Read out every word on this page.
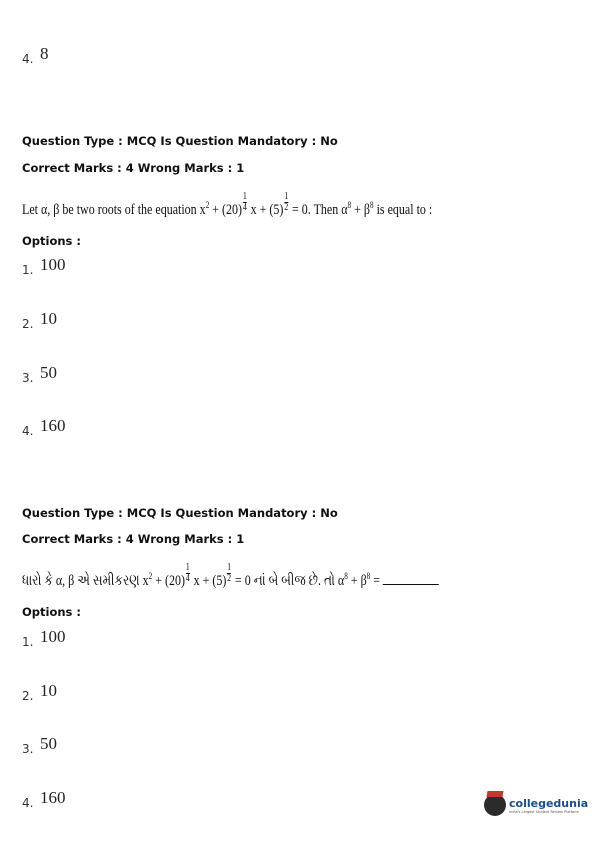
4. 8
Question Type : MCQ Is Question Mandatory : No
Correct Marks : 4 Wrong Marks : 1
Let α, β be two roots of the equation $x^2 + (20) \frac{1}{4}$ $x + (5) \frac{1}{2} = 0$. Then $\alpha^8 + \beta^8$ is equal to :
Options :
1. 100
2. 10
3. 50
4. 160
Question Type : MCQ Is Question Mandatory : No
Correct Marks : 4 Wrong Marks : 1
ધારો કે α, β એ સમીકરણ $x^2 + (20) \frac{1}{4}$ $x + (5) \frac{1}{2} = 0$ નાં બે બીજ છે. તો $\alpha^8 + \beta^8$ =
Options :
1. 100
2. 10
3. 50
4. 160	collegedunia
India's Largest Student Review Platform
